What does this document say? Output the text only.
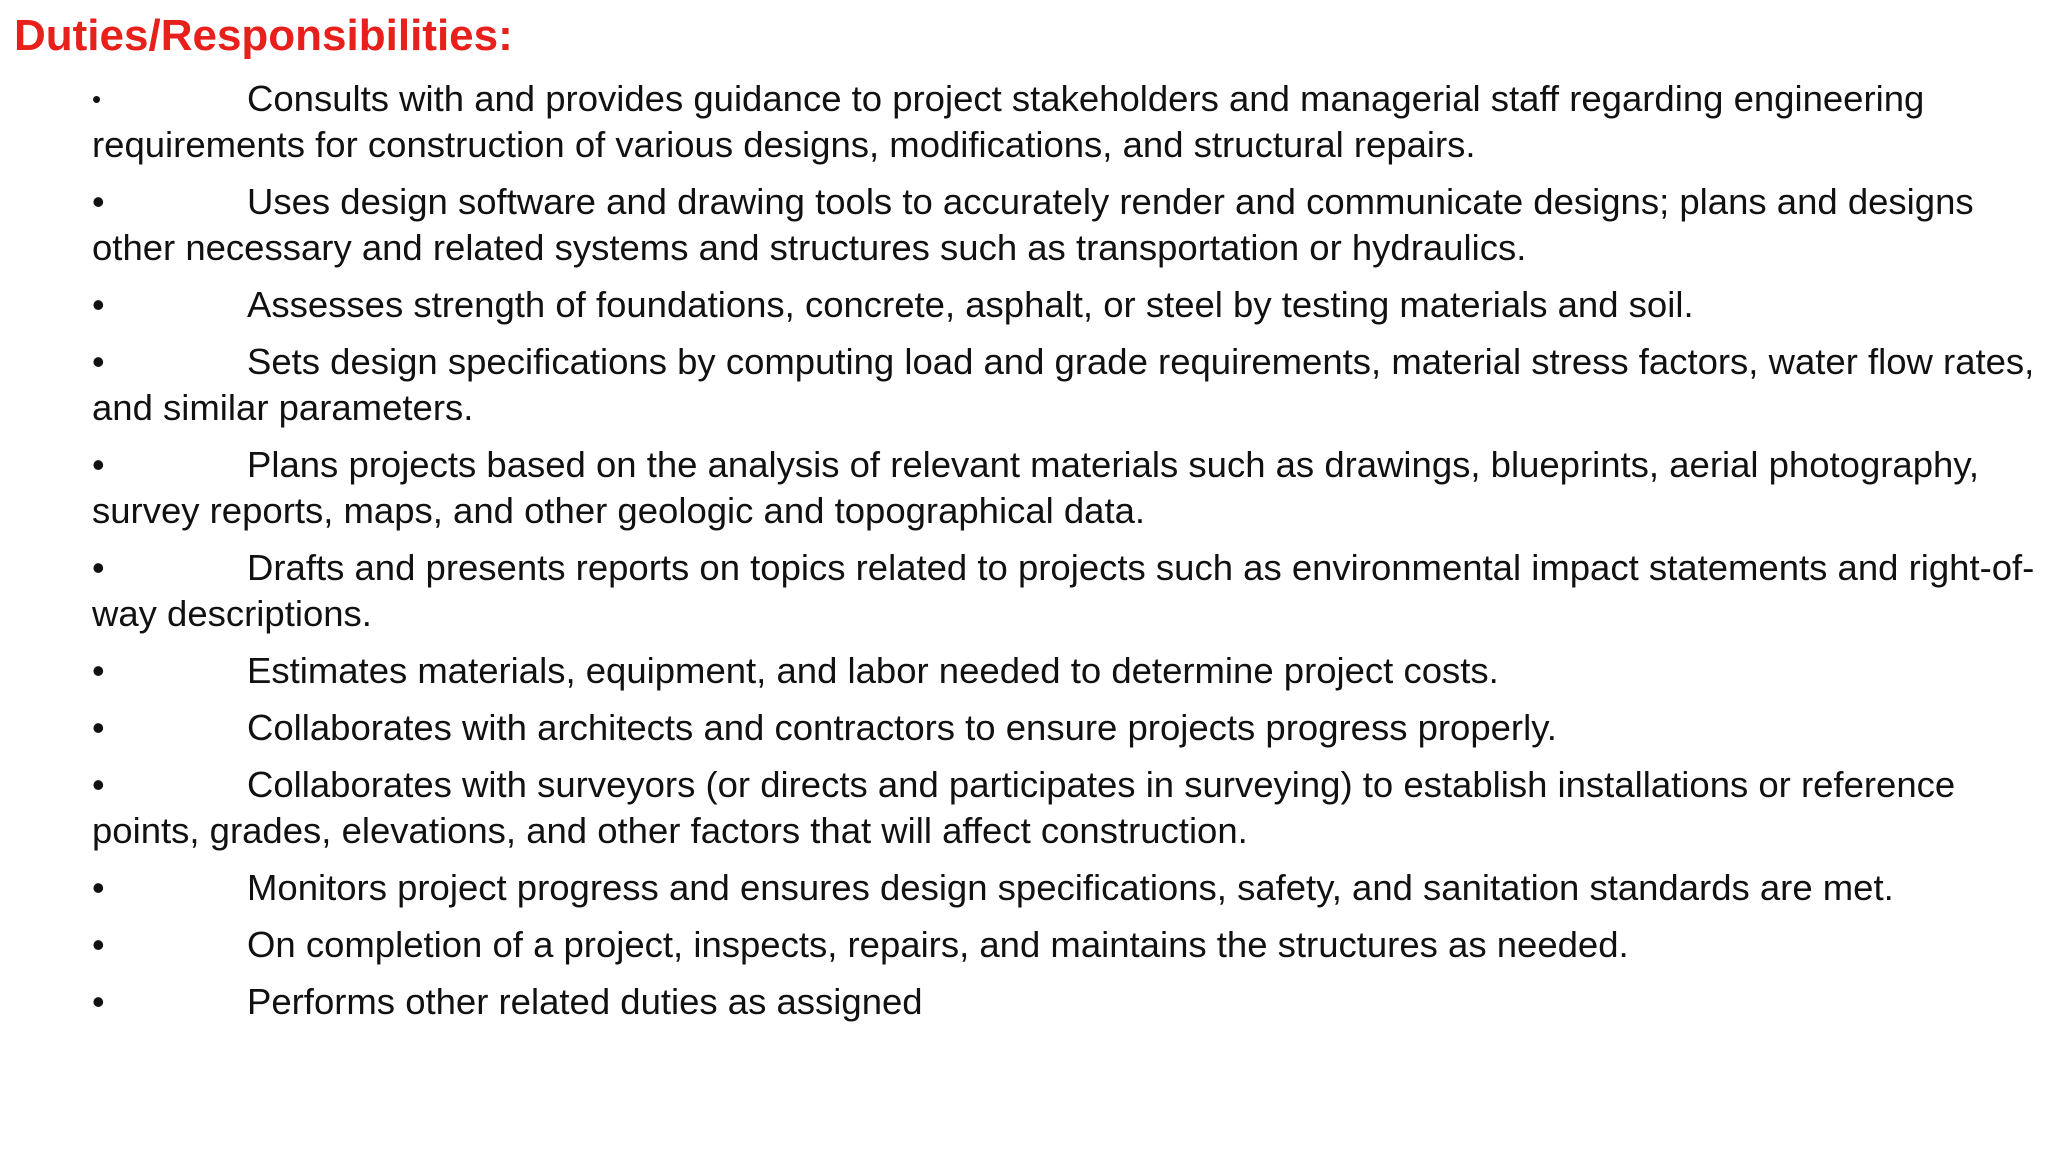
Duties/Responsibilities:
•	Consults with and provides guidance to project stakeholders and managerial staff regarding engineering requirements for construction of various designs, modifications, and structural repairs.
•	Uses design software and drawing tools to accurately render and communicate designs; plans and designs other necessary and related systems and structures such as transportation or hydraulics.
•	Assesses strength of foundations, concrete, asphalt, or steel by testing materials and soil.
•	Sets design specifications by computing load and grade requirements, material stress factors, water flow rates, and similar parameters.
•	Plans projects based on the analysis of relevant materials such as drawings, blueprints, aerial photography, survey reports, maps, and other geologic and topographical data.
•	Drafts and presents reports on topics related to projects such as environmental impact statements and right-of-way descriptions.
•	Estimates materials, equipment, and labor needed to determine project costs.
•	Collaborates with architects and contractors to ensure projects progress properly.
•	Collaborates with surveyors (or directs and participates in surveying) to establish installations or reference points, grades, elevations, and other factors that will affect construction.
•	Monitors project progress and ensures design specifications, safety, and sanitation standards are met.
•	On completion of a project, inspects, repairs, and maintains the structures as needed.
•	Performs other related duties as assigned
